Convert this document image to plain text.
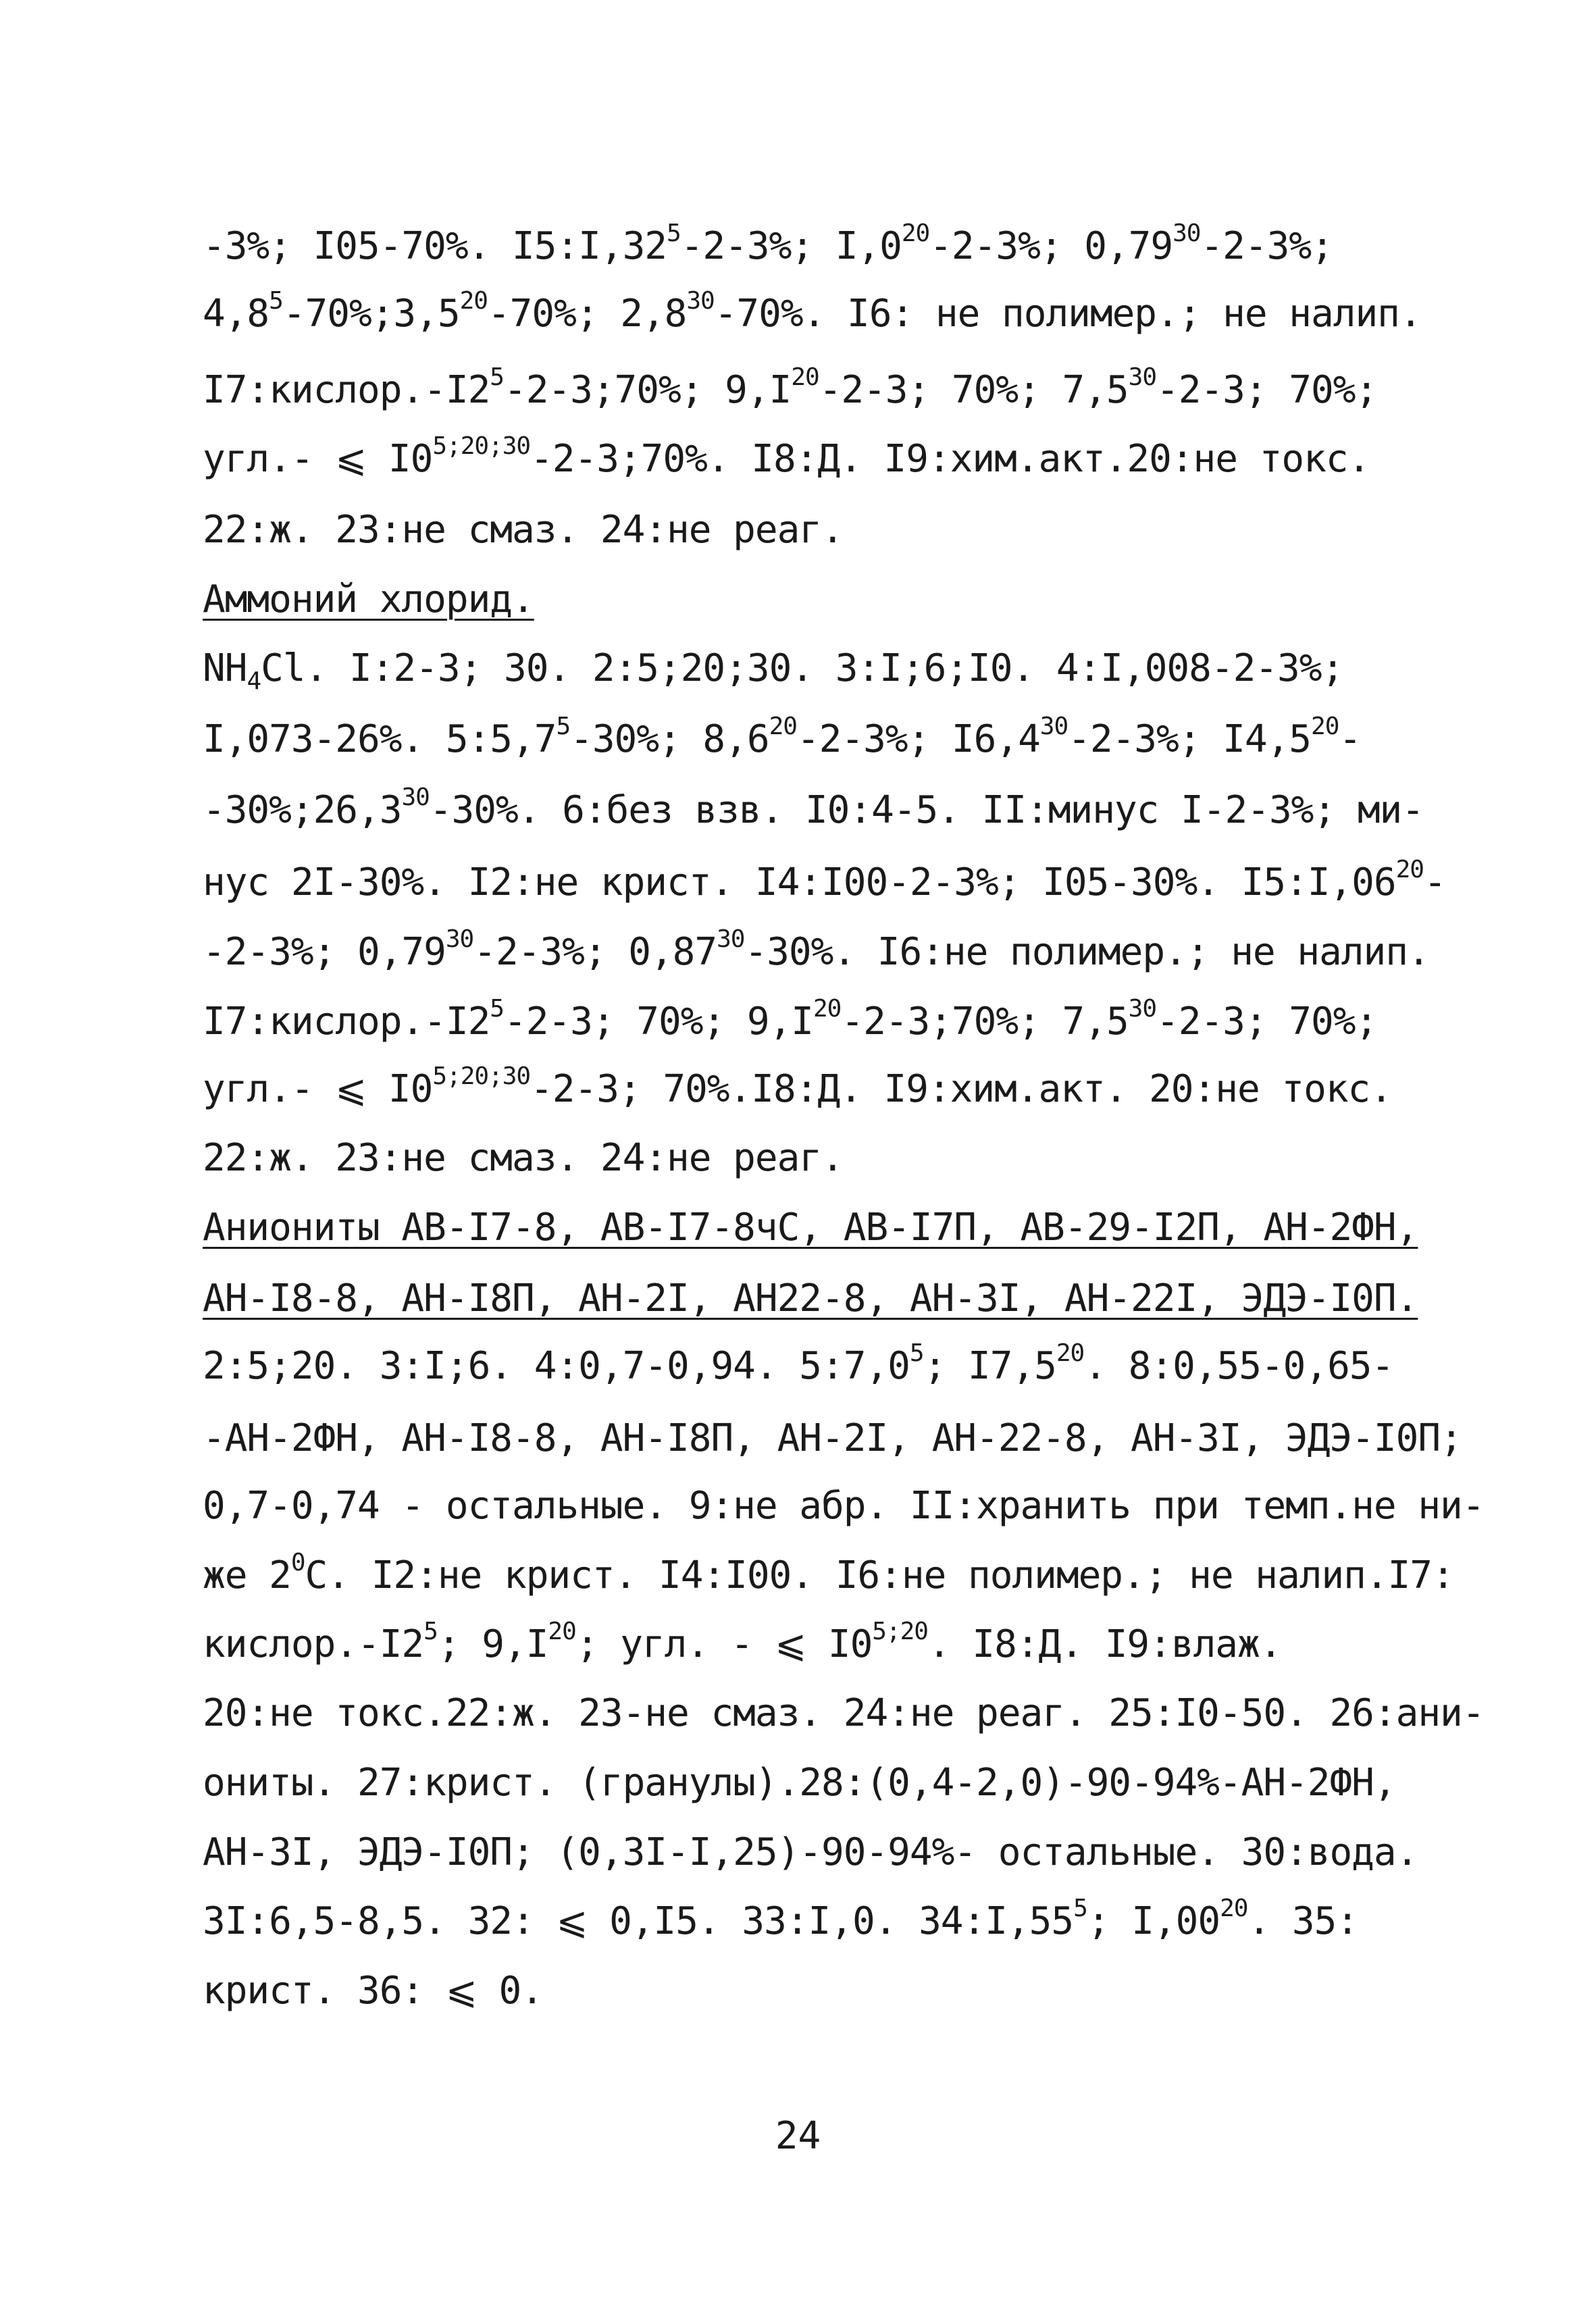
-3%; I05-70%. $I5:I,32^5-2-3\%$; $I,0^{20}-2-3\%$; 0,79$^{30}$-2-3%;
$4,8^5-70\%;3,5^{20}-70\%$; $2,8^{30}-70\%$. I6: не полимер.; не налип.
$I7:кислор.-I2^5-2-3;70\%$; $9,I^{20}-2-3$; 70%; $7,5^{30}-2-3$; 70%;
угл.- ⩽ I0$^{5;20;30}$-2-3;70%. I8:Д. I9:хим.акт.20:не токс.
22:ж. 23:не смаз. 24:не реаг.
Аммоний хлорид.
$NH_4Cl$. I:2-3; 30. 2:5;20;30. 3:I;6;I0. 4:I,008-2-3%;
I,073-26%. $5:5,7^5-30\%$; $8,6^{20}-2-3\%$; $I6,4^{30}-2-3\%$; $I4,5^{20}-$
-30%;26,3$^{30}$-30%. 6:без взв. I0:4-5. II:минус I-2-3%; ми-
нус 2I-30%. I2:не крист. I4:I00-2-3%; I05-30%. $I5:I,06^{20}-$
-2-3%; 0,79$^{30}$-2-3%; 0,87$^{30}$-30%. I6:не полимер.; не налип.
$I7:кислор.-I2^5-2-3$; 70%; $9,I^{20}-2-3;70\%$; $7,5^{30}-2-3$; 70%;
угл.- ⩽ I0$^{5;20;30}$-2-3; 70%.I8:Д. I9:хим.акт. 20:не токс.
22:ж. 23:не смаз. 24:не реаг.
Аниониты АВ-I7-8, АВ-I7-8чС, АВ-I7П, АВ-29-I2П, АН-2ФН,
АН-I8-8, АН-I8П, АН-2I, АН22-8, АН-3I, АН-22I, ЭДЭ-I0П.
2:5;20. 3:I;6. 4:0,7-0,94. $5:7,0^5$; $I7,5^{20}$. 8:0,55-0,65-
-АН-2ФН, АН-I8-8, АН-I8П, АН-2I, АН-22-8, АН-3I, ЭДЭ-I0П;
0,7-0,74 - остальные. 9:не абр. II:хранить при темп.не ни-
же $2^0С$. I2:не крист. I4:I00. I6:не полимер.; не налип.I7:
$кислор.-I2^5$; $9,I^{20}$; угл. - ⩽ I0$^{5;20}$. I8:Д. I9:влаж.
20:не токс.22:ж. 23-не смаз. 24:не реаг. 25:I0-50. 26:ани-
ониты. 27:крист. (гранулы).28:(0,4-2,0)-90-94%-АН-2ФН,
АН-3I, ЭДЭ-I0П; (0,3I-I,25)-90-94%- остальные. 30:вода.
3I:6,5-8,5. 32: ⩽ 0,I5. 33:I,0. $34:I,55^5$; $I,00^{20}$. 35:
крист. 36: ⩽ 0.
24
